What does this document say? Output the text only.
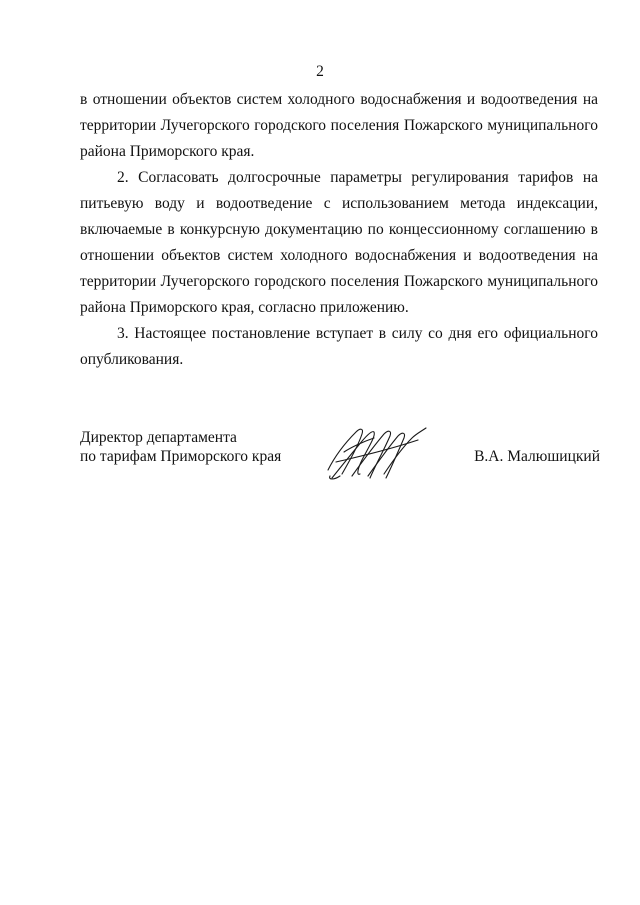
2

в отношении объектов систем холодного водоснабжения и водоотведения на территории Лучегорского городского поселения Пожарского муниципального района Приморского края.

2. Согласовать долгосрочные параметры регулирования тарифов на питьевую воду и водоотведение с использованием метода индексации, включаемые в конкурсную документацию по концессионному соглашению в отношении объектов систем холодного водоснабжения и водоотведения на территории Лучегорского городского поселения Пожарского муниципального района Приморского края, согласно приложению.

3. Настоящее постановление вступает в силу со дня его официального опубликования.

Директор департамента
по тарифам Приморского края	В.А. Малюшицкий
